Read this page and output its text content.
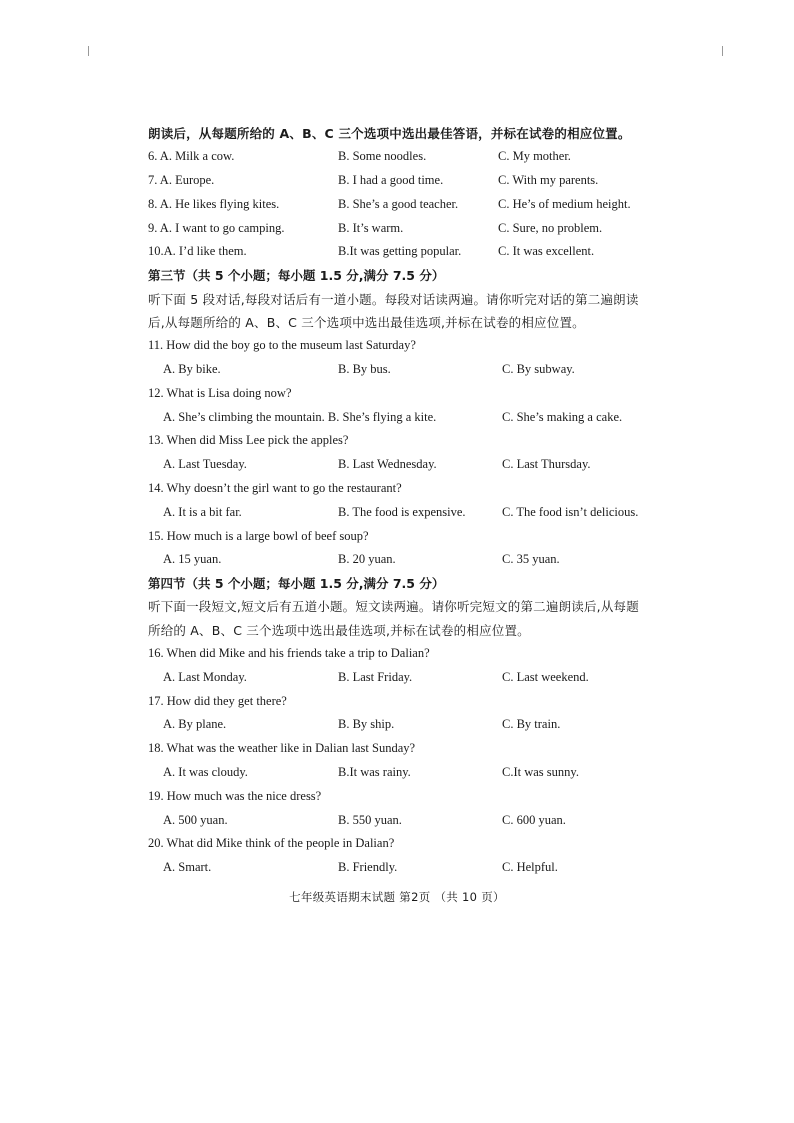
朗读后，从每题所给的 A、B、C 三个选项中选出最佳答语，并标在试卷的相应位置。
6. A. Milk a cow.	B. Some noodles.	C. My mother.
7. A. Europe.	B. I had a good time.	C. With my parents.
8. A. He likes flying kites.	B. She’s a good teacher.	C. He’s of medium height.
9. A. I want to go camping.	B. It’s warm.	C. Sure, no problem.
10.A. I’d like them.	B.It was getting popular.	C. It was excellent.
第三节（共 5 个小题；每小题 1.5 分,满分 7.5 分）
听下面 5 段对话,每段对话后有一道小题。每段对话读两遍。请你听完对话的第二遍朗读
后,从每题所给的 A、B、C 三个选项中选出最佳选项,并标在试卷的相应位置。
11. How did the boy go to the museum last Saturday?
A. By bike.	B. By bus.	C. By subway.
12. What is Lisa doing now?
A. She’s climbing the mountain. B. She’s flying a kite.	C. She’s making a cake.
13. When did Miss Lee pick the apples?
A. Last Tuesday.	B. Last Wednesday.	C. Last Thursday.
14. Why doesn’t the girl want to go the restaurant?
A. It is a bit far.	B. The food is expensive.	C. The food isn’t delicious.
15. How much is a large bowl of beef soup?
A. 15 yuan.	B. 20 yuan.	C. 35 yuan.
第四节（共 5 个小题；每小题 1.5 分,满分 7.5 分）
听下面一段短文,短文后有五道小题。短文读两遍。请你听完短文的第二遍朗读后,从每题
所给的 A、B、C 三个选项中选出最佳选项,并标在试卷的相应位置。
16. When did Mike and his friends take a trip to Dalian?
A. Last Monday.	B. Last Friday.	C. Last weekend.
17. How did they get there?
A. By plane.	B. By ship.	C. By train.
18. What was the weather like in Dalian last Sunday?
A. It was cloudy.	B.It was rainy.	C.It was sunny.
19. How much was the nice dress?
A. 500 yuan.	B. 550 yuan.	C. 600 yuan.
20. What did Mike think of the people in Dalian?
A. Smart.	B. Friendly.	C. Helpful.
七年级英语期末试题 第2页 （共 10 页）
